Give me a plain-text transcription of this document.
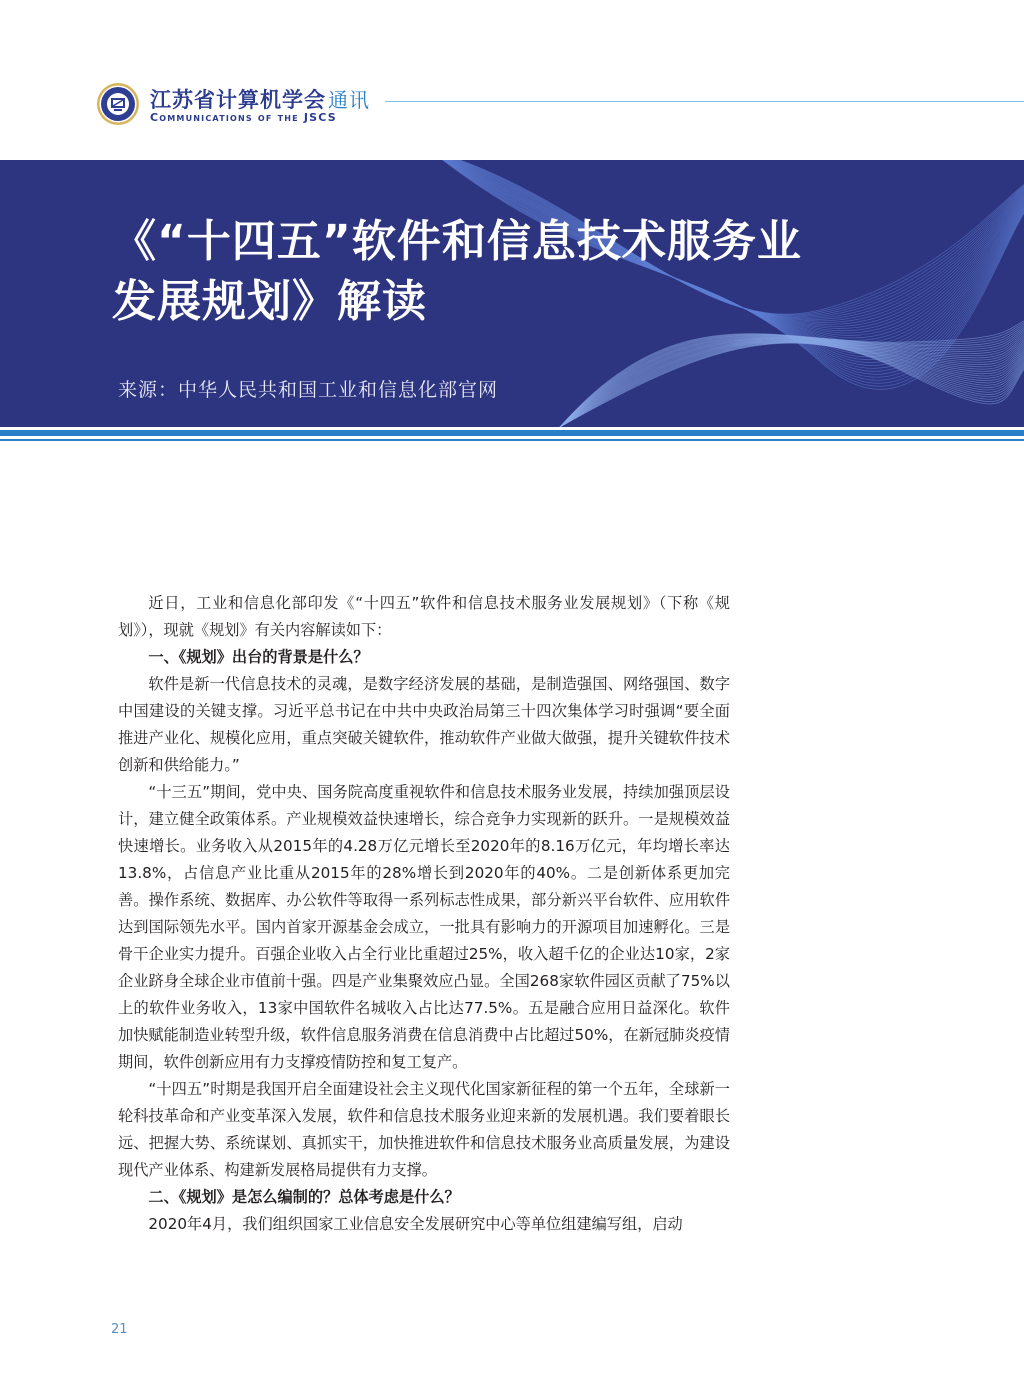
江苏省计算机学会 通讯
Communications of the JSCS
《“十四五”软件和信息技术服务业
发展规划》解读
来源：中华人民共和国工业和信息化部官网

近日，工业和信息化部印发《“十四五”软件和信息技术服务业发展规划》（下称《规划》），现就《规划》有关内容解读如下：

一、《规划》出台的背景是什么？

软件是新一代信息技术的灵魂，是数字经济发展的基础，是制造强国、网络强国、数字中国建设的关键支撑。习近平总书记在中共中央政治局第三十四次集体学习时强调“要全面推进产业化、规模化应用，重点突破关键软件，推动软件产业做大做强，提升关键软件技术创新和供给能力。”

“十三五”期间，党中央、国务院高度重视软件和信息技术服务业发展，持续加强顶层设计，建立健全政策体系。产业规模效益快速增长，综合竞争力实现新的跃升。一是规模效益快速增长。业务收入从2015年的4.28万亿元增长至2020年的8.16万亿元，年均增长率达13.8%，占信息产业比重从2015年的28%增长到2020年的40%。二是创新体系更加完善。操作系统、数据库、办公软件等取得一系列标志性成果，部分新兴平台软件、应用软件达到国际领先水平。国内首家开源基金会成立，一批具有影响力的开源项目加速孵化。三是骨干企业实力提升。百强企业收入占全行业比重超过25%，收入超千亿的企业达10家，2家企业跻身全球企业市值前十强。四是产业集聚效应凸显。全国268家软件园区贡献了75%以上的软件业务收入，13家中国软件名城收入占比达77.5%。五是融合应用日益深化。软件加快赋能制造业转型升级，软件信息服务消费在信息消费中占比超过50%，在新冠肺炎疫情期间，软件创新应用有力支撑疫情防控和复工复产。

“十四五”时期是我国开启全面建设社会主义现代化国家新征程的第一个五年，全球新一轮科技革命和产业变革深入发展，软件和信息技术服务业迎来新的发展机遇。我们要着眼长远、把握大势、系统谋划、真抓实干，加快推进软件和信息技术服务业高质量发展，为建设现代产业体系、构建新发展格局提供有力支撑。

二、《规划》是怎么编制的？总体考虑是什么？

2020年4月，我们组织国家工业信息安全发展研究中心等单位组建编写组，启动

21
